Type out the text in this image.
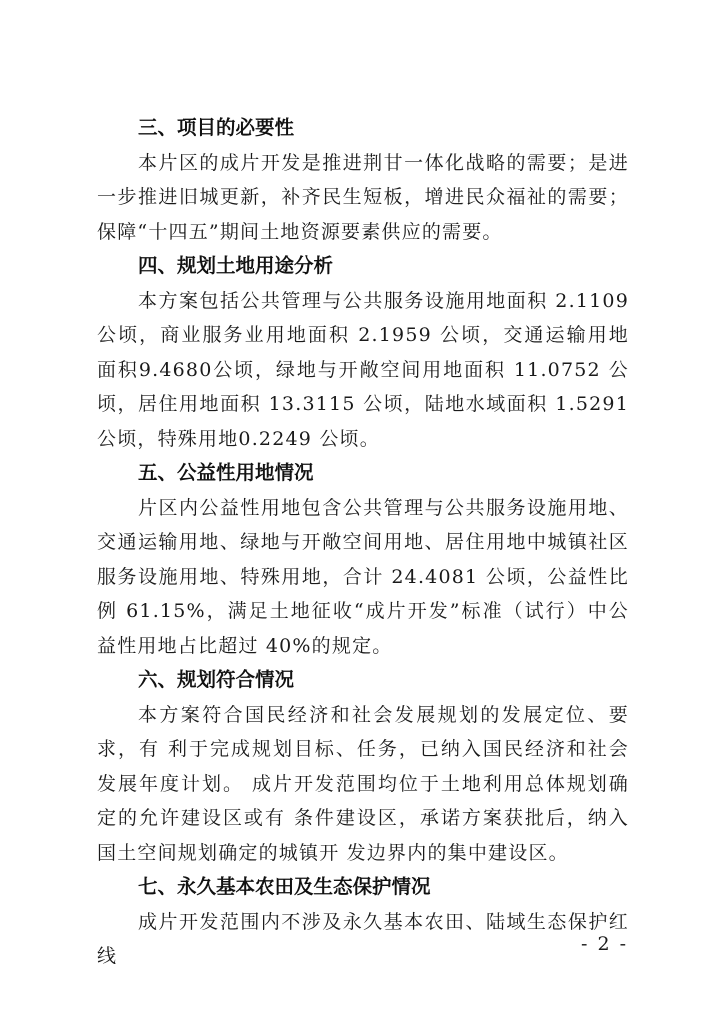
三、项目的必要性

本片区的成片开发是推进荆甘一体化战略的需要；是进一步推进旧城更新，补齐民生短板，增进民众福祉的需要；保障“十四五”期间土地资源要素供应的需要。

四、规划土地用途分析

本方案包括公共管理与公共服务设施用地面积 2.1109 公顷，商业服务业用地面积 2.1959 公顷，交通运输用地面积9.4680公顷，绿地与开敞空间用地面积 11.0752 公顷，居住用地面积 13.3115 公顷，陆地水域面积 1.5291 公顷，特殊用地0.2249 公顷。

五、公益性用地情况

片区内公益性用地包含公共管理与公共服务设施用地、交通运输用地、绿地与开敞空间用地、居住用地中城镇社区服务设施用地、特殊用地，合计 24.4081 公顷，公益性比例 61.15%，满足土地征收“成片开发”标准（试行）中公益性用地占比超过 40%的规定。

六、规划符合情况

本方案符合国民经济和社会发展规划的发展定位、要求，有 利于完成规划目标、任务，已纳入国民经济和社会发展年度计划。 成片开发范围均位于土地利用总体规划确定的允许建设区或有 条件建设区，承诺方案获批后，纳入国土空间规划确定的城镇开 发边界内的集中建设区。

七、永久基本农田及生态保护情况

成片开发范围内不涉及永久基本农田、陆域生态保护红线

- 2 -
